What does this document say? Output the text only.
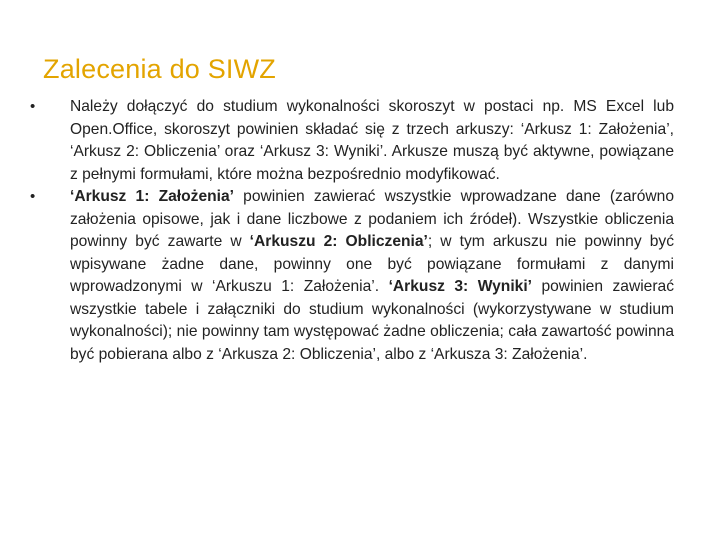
Zalecenia do SIWZ
• Należy dołączyć do studium wykonalności skoroszyt w postaci np. MS Excel lub Open.Office, skoroszyt powinien składać się z trzech arkuszy: ‘Arkusz 1: Założenia’, ‘Arkusz 2: Obliczenia’ oraz ‘Arkusz 3: Wyniki’. Arkusze muszą być aktywne, powiązane z pełnymi formułami, które można bezpośrednio modyfikować.
• ‘Arkusz 1: Założenia’ powinien zawierać wszystkie wprowadzane dane (zarówno założenia opisowe, jak i dane liczbowe z podaniem ich źródeł). Wszystkie obliczenia powinny być zawarte w ‘Arkuszu 2: Obliczenia’; w tym arkuszu nie powinny być wpisywane żadne dane, powinny one być powiązane formułami z danymi wprowadzonymi w ‘Arkuszu 1: Założenia’. ‘Arkusz 3: Wyniki’ powinien zawierać wszystkie tabele i załączniki do studium wykonalności (wykorzystywane w studium wykonalności); nie powinny tam występować żadne obliczenia; cała zawartość powinna być pobierana albo z ‘Arkusza 2: Obliczenia’, albo z ‘Arkusza 3: Założenia’.
